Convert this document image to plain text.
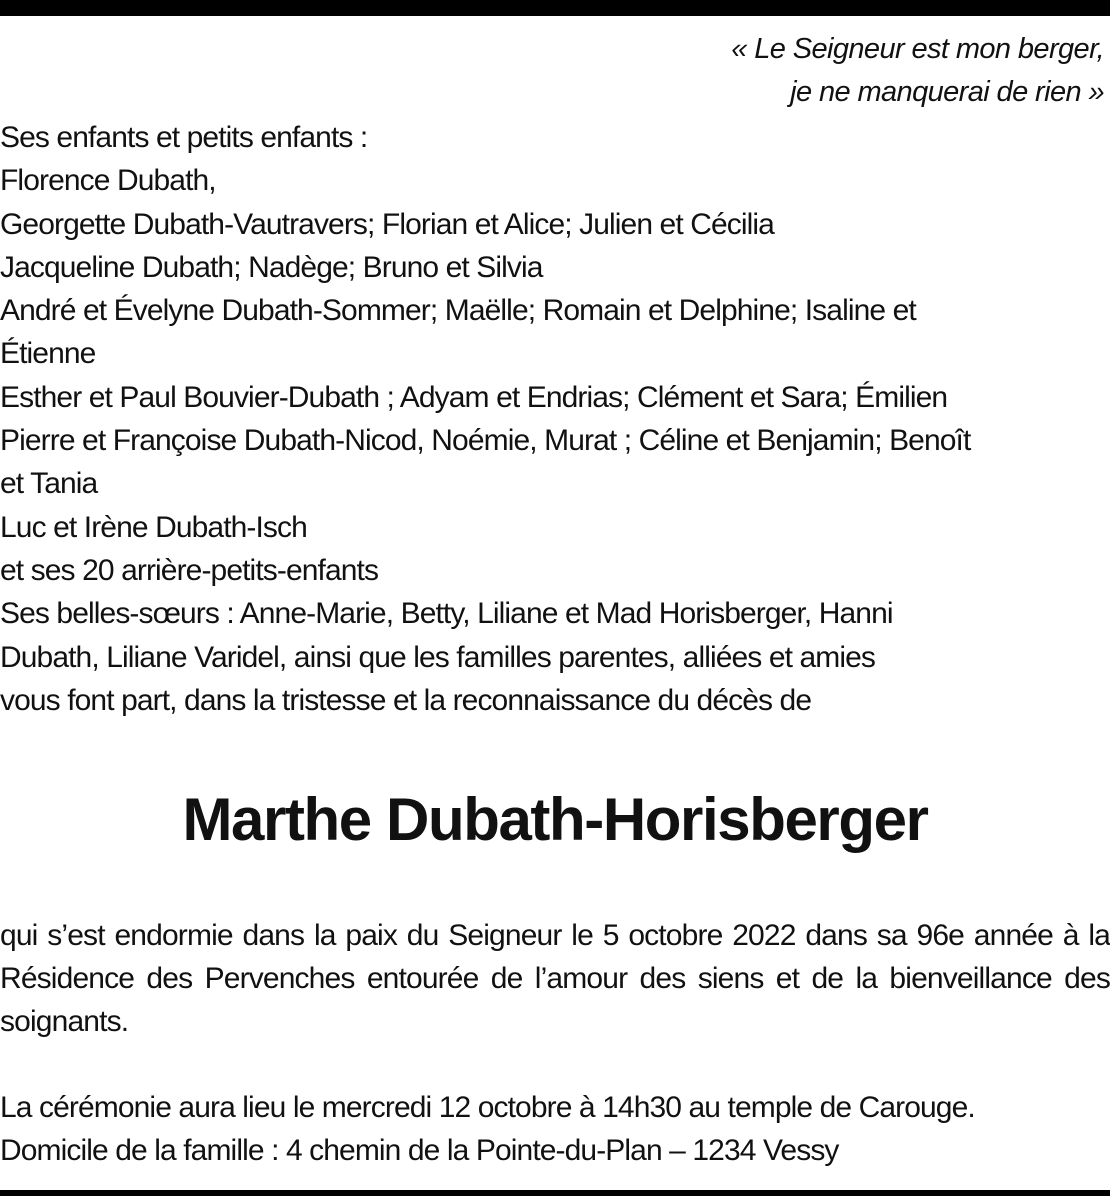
« Le Seigneur est mon berger,
je ne manquerai de rien »
Ses enfants et petits enfants :
Florence Dubath,
Georgette Dubath-Vautravers; Florian et Alice; Julien et Cécilia
Jacqueline Dubath; Nadège; Bruno et Silvia
André et Évelyne Dubath-Sommer; Maëlle; Romain et Delphine; Isaline et
Étienne
Esther et Paul Bouvier-Dubath ; Adyam et Endrias; Clément et Sara; Émilien
Pierre et Françoise Dubath-Nicod, Noémie, Murat ; Céline et Benjamin; Benoît
et Tania
Luc et Irène Dubath-Isch
et ses 20 arrière-petits-enfants
Ses belles-sœurs : Anne-Marie, Betty, Liliane et Mad Horisberger, Hanni
Dubath, Liliane Varidel, ainsi que les familles parentes, alliées et amies
vous font part, dans la tristesse et la reconnaissance du décès de
Marthe Dubath-Horisberger
qui s’est endormie dans la paix du Seigneur le 5 octobre 2022 dans sa 96e année à la Résidence des Pervenches entourée de l’amour des siens et de la bienveillance des soignants.
La cérémonie aura lieu le mercredi 12 octobre à 14h30 au temple de Carouge.
Domicile de la famille : 4 chemin de la Pointe-du-Plan – 1234 Vessy
